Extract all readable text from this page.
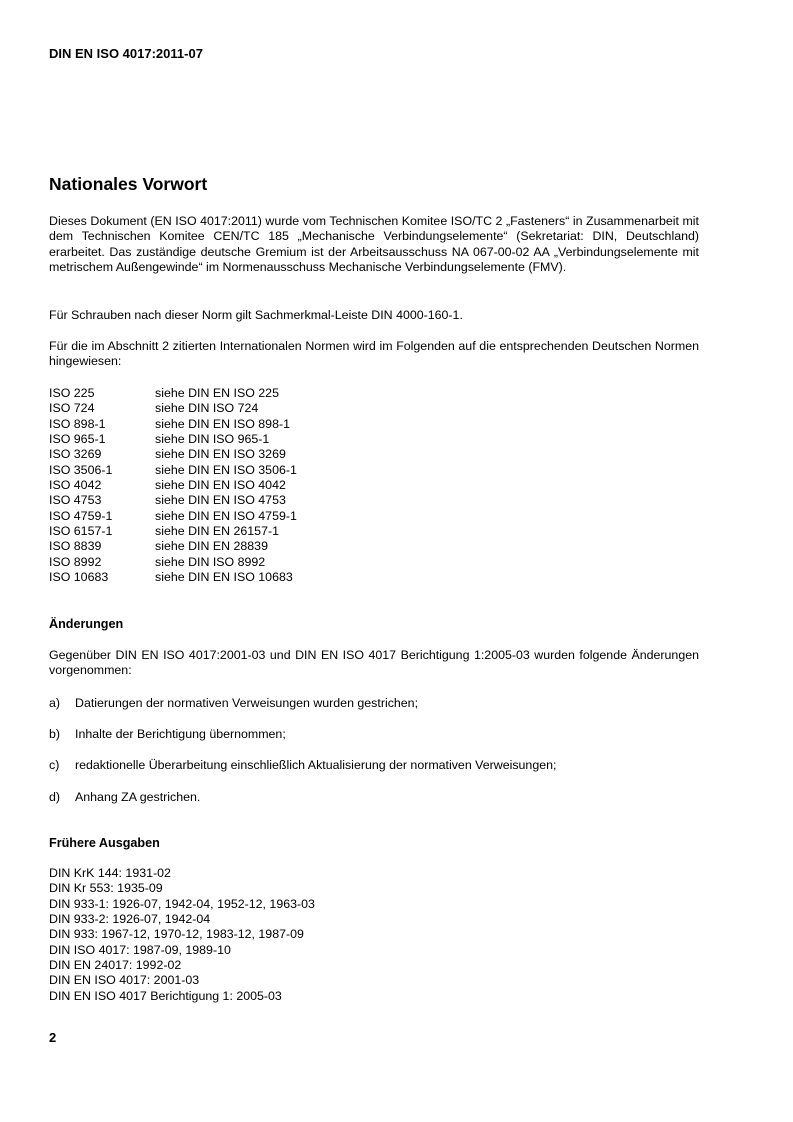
DIN EN ISO 4017:2011-07
Nationales Vorwort

Dieses Dokument (EN ISO 4017:2011) wurde vom Technischen Komitee ISO/TC 2 „Fasteners“ in Zusammenarbeit mit dem Technischen Komitee CEN/TC 185 „Mechanische Verbindungselemente“ (Sekretariat: DIN, Deutschland) erarbeitet. Das zuständige deutsche Gremium ist der Arbeitsausschuss NA 067-00-02 AA „Verbindungselemente mit metrischem Außengewinde“ im Normenausschuss Mechanische Verbindungselemente (FMV).

Für Schrauben nach dieser Norm gilt Sachmerkmal-Leiste DIN 4000-160-1.

Für die im Abschnitt 2 zitierten Internationalen Normen wird im Folgenden auf die entsprechenden Deutschen Normen hingewiesen:

ISO 225	siehe DIN EN ISO 225
ISO 724	siehe DIN ISO 724
ISO 898-1	siehe DIN EN ISO 898-1
ISO 965-1	siehe DIN ISO 965-1
ISO 3269	siehe DIN EN ISO 3269
ISO 3506-1	siehe DIN EN ISO 3506-1
ISO 4042	siehe DIN EN ISO 4042
ISO 4753	siehe DIN EN ISO 4753
ISO 4759-1	siehe DIN EN ISO 4759-1
ISO 6157-1	siehe DIN EN 26157-1
ISO 8839	siehe DIN EN 28839
ISO 8992	siehe DIN ISO 8992
ISO 10683	siehe DIN EN ISO 10683
Änderungen

Gegenüber DIN EN ISO 4017:2001-03 und DIN EN ISO 4017 Berichtigung 1:2005-03 wurden folgende Änderungen vorgenommen:

a) Datierungen der normativen Verweisungen wurden gestrichen;
b) Inhalte der Berichtigung übernommen;
c) redaktionelle Überarbeitung einschließlich Aktualisierung der normativen Verweisungen;
d) Anhang ZA gestrichen.
Frühere Ausgaben
DIN KrK 144: 1931-02
DIN Kr 553: 1935-09
DIN 933-1: 1926-07, 1942-04, 1952-12, 1963-03
DIN 933-2: 1926-07, 1942-04
DIN 933: 1967-12, 1970-12, 1983-12, 1987-09
DIN ISO 4017: 1987-09, 1989-10
DIN EN 24017: 1992-02
DIN EN ISO 4017: 2001-03
DIN EN ISO 4017 Berichtigung 1: 2005-03
2
